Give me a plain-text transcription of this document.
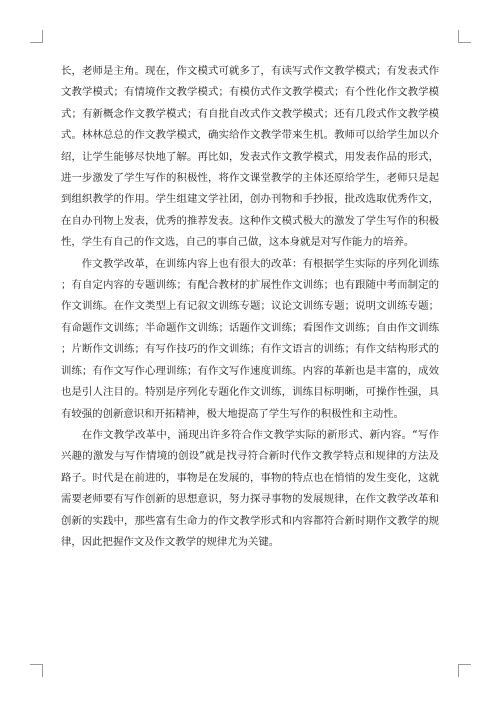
长，老师是主角。现在，作文模式可就多了，有读写式作文教学模式；有发表式作文教学模式；有情境作文教学模式；有模仿式作文教学模式；有个性化作文教学模式；有新概念作文教学模式；有自批自改式作文教学模式；还有几段式作文教学模式。林林总总的作文教学模式，确实给作文教学带来生机。教师可以给学生加以介绍，让学生能够尽快地了解。再比如，发表式作文教学模式，用发表作品的形式，进一步激发了学生写作的积极性，将作文课堂教学的主体还原给学生，老师只是起到组织教学的作用。学生组建文学社团，创办刊物和手抄报，批改选取优秀作文，在自办刊物上发表，优秀的推荐发表。这种作文模式极大的激发了学生写作的积极性，学生有自己的作文选，自己的事自己做，这本身就是对写作能力的培养。

作文教学改革，在训练内容上也有很大的改革：有根据学生实际的序列化训练；有自定内容的专题训练；有配合教材的扩展性作文训练；也有跟随中考而制定的作文训练。在作文类型上有记叙文训练专题；议论文训练专题；说明文训练专题；有命题作文训练；半命题作文训练；话题作文训练；看图作文训练；自由作文训练；片断作文训练；有写作技巧的作文训练；有作文语言的训练；有作文结构形式的训练；有作文写作心理训练；有作文写作速度训练。内容的革新也是丰富的，成效也是引人注目的。特别是序列化专题化作文训练，训练目标明晰，可操作性强，具有较强的创新意识和开拓精神，极大地提高了学生写作的积极性和主动性。

在作文教学改革中，涌现出许多符合作文教学实际的新形式、新内容。“写作兴趣的激发与写作情境的创设”就是找寻符合新时代作文教学特点和规律的方法及路子。时代是在前进的，事物是在发展的，事物的特点也在悄悄的发生变化，这就需要老师要有写作创新的思想意识，努力探寻事物的发展规律，在作文教学改革和创新的实践中，那些富有生命力的作文教学形式和内容都符合新时期作文教学的规律，因此把握作文及作文教学的规律尤为关键。
